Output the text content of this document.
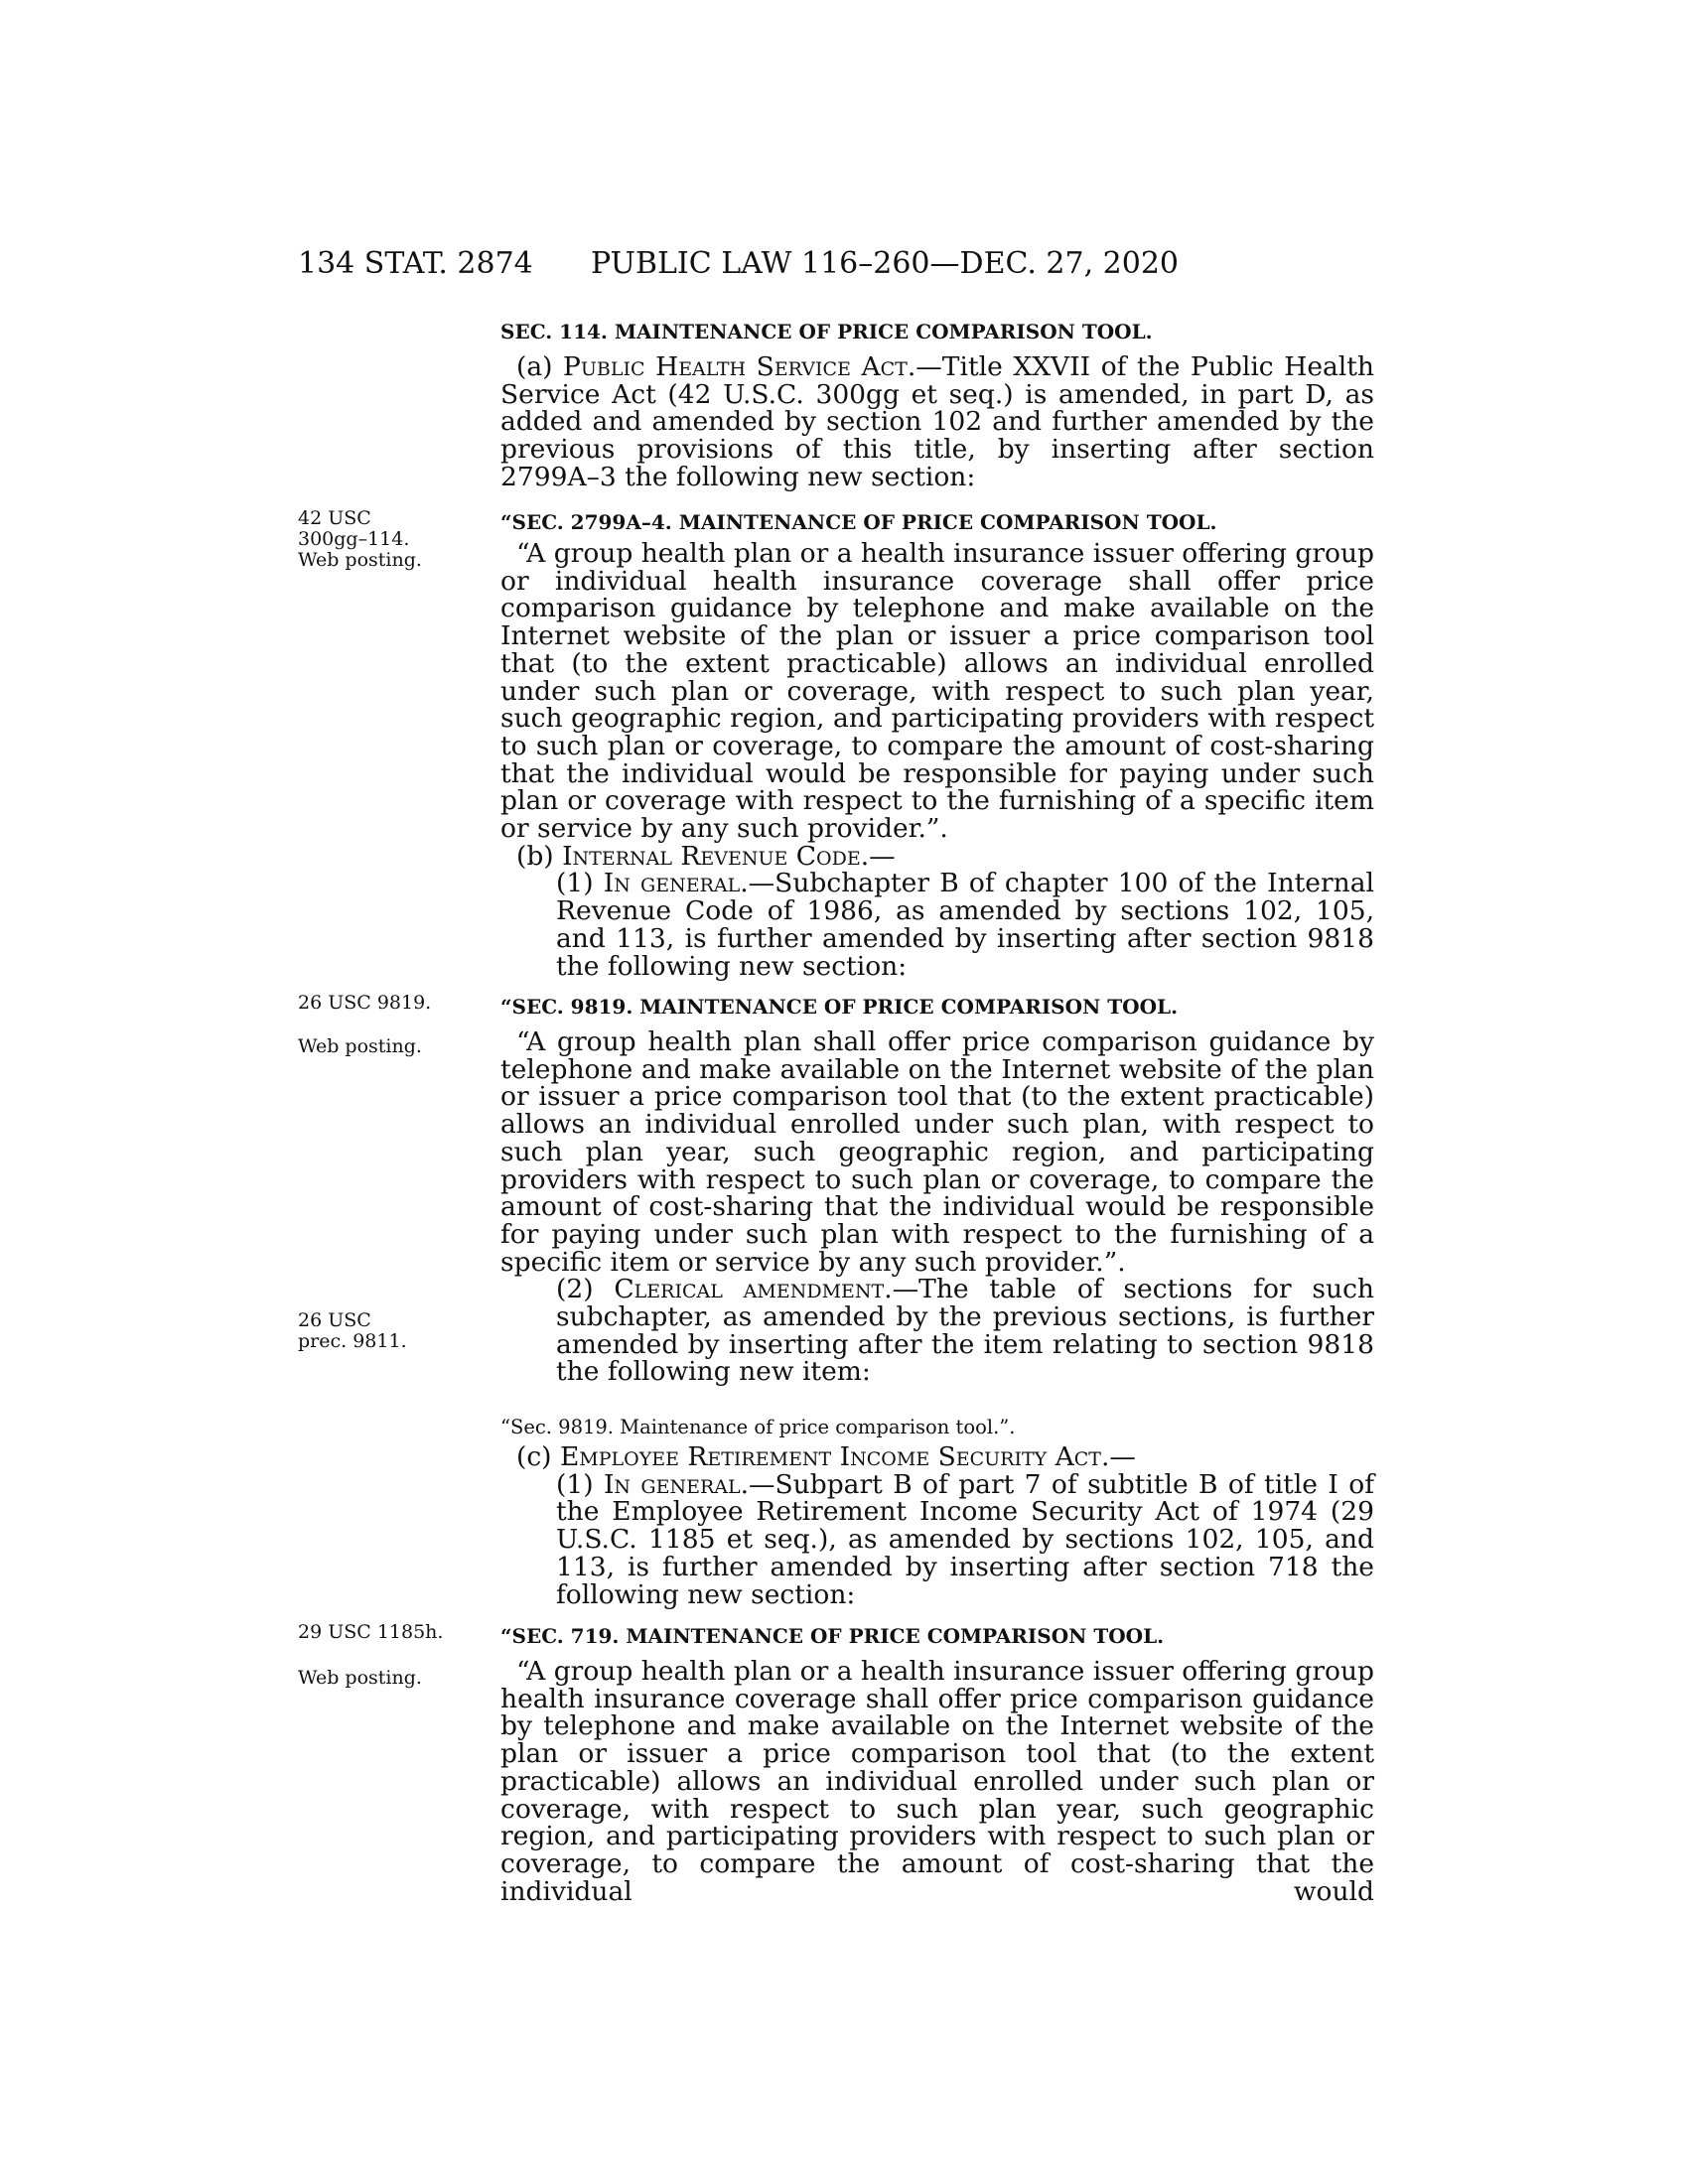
134 STAT. 2874 PUBLIC LAW 116–260—DEC. 27, 2020
SEC. 114. MAINTENANCE OF PRICE COMPARISON TOOL.

(a) Public Health Service Act.—Title XXVII of the Public Health Service Act (42 U.S.C. 300gg et seq.) is amended, in part D, as added and amended by section 102 and further amended by the previous provisions of this title, by inserting after section 2799A–3 the following new section:

42 USC
300gg–114.
Web posting.
“SEC. 2799A–4. MAINTENANCE OF PRICE COMPARISON TOOL.

“A group health plan or a health insurance issuer offering group or individual health insurance coverage shall offer price comparison guidance by telephone and make available on the Internet website of the plan or issuer a price comparison tool that (to the extent practicable) allows an individual enrolled under such plan or coverage, with respect to such plan year, such geographic region, and participating providers with respect to such plan or coverage, to compare the amount of cost-sharing that the individual would be responsible for paying under such plan or coverage with respect to the furnishing of a specific item or service by any such provider.”.

(b) Internal Revenue Code.—

(1) In general.—Subchapter B of chapter 100 of the Internal Revenue Code of 1986, as amended by sections 102, 105, and 113, is further amended by inserting after section 9818 the following new section:

26 USC 9819.
Web posting.
“SEC. 9819. MAINTENANCE OF PRICE COMPARISON TOOL.

“A group health plan shall offer price comparison guidance by telephone and make available on the Internet website of the plan or issuer a price comparison tool that (to the extent practicable) allows an individual enrolled under such plan, with respect to such plan year, such geographic region, and participating providers with respect to such plan or coverage, to compare the amount of cost-sharing that the individual would be responsible for paying under such plan with respect to the furnishing of a specific item or service by any such provider.”.

(2) Clerical amendment.—The table of sections for such subchapter, as amended by the previous sections, is further amended by inserting after the item relating to section 9818 the following new item:

26 USC
prec. 9811.
“Sec. 9819. Maintenance of price comparison tool.”.

(c) Employee Retirement Income Security Act.—

(1) In general.—Subpart B of part 7 of subtitle B of title I of the Employee Retirement Income Security Act of 1974 (29 U.S.C. 1185 et seq.), as amended by sections 102, 105, and 113, is further amended by inserting after section 718 the following new section:

29 USC 1185h.
Web posting.
“SEC. 719. MAINTENANCE OF PRICE COMPARISON TOOL.

“A group health plan or a health insurance issuer offering group health insurance coverage shall offer price comparison guidance by telephone and make available on the Internet website of the plan or issuer a price comparison tool that (to the extent practicable) allows an individual enrolled under such plan or coverage, with respect to such plan year, such geographic region, and participating providers with respect to such plan or coverage, to compare the amount of cost-sharing that the individual would
